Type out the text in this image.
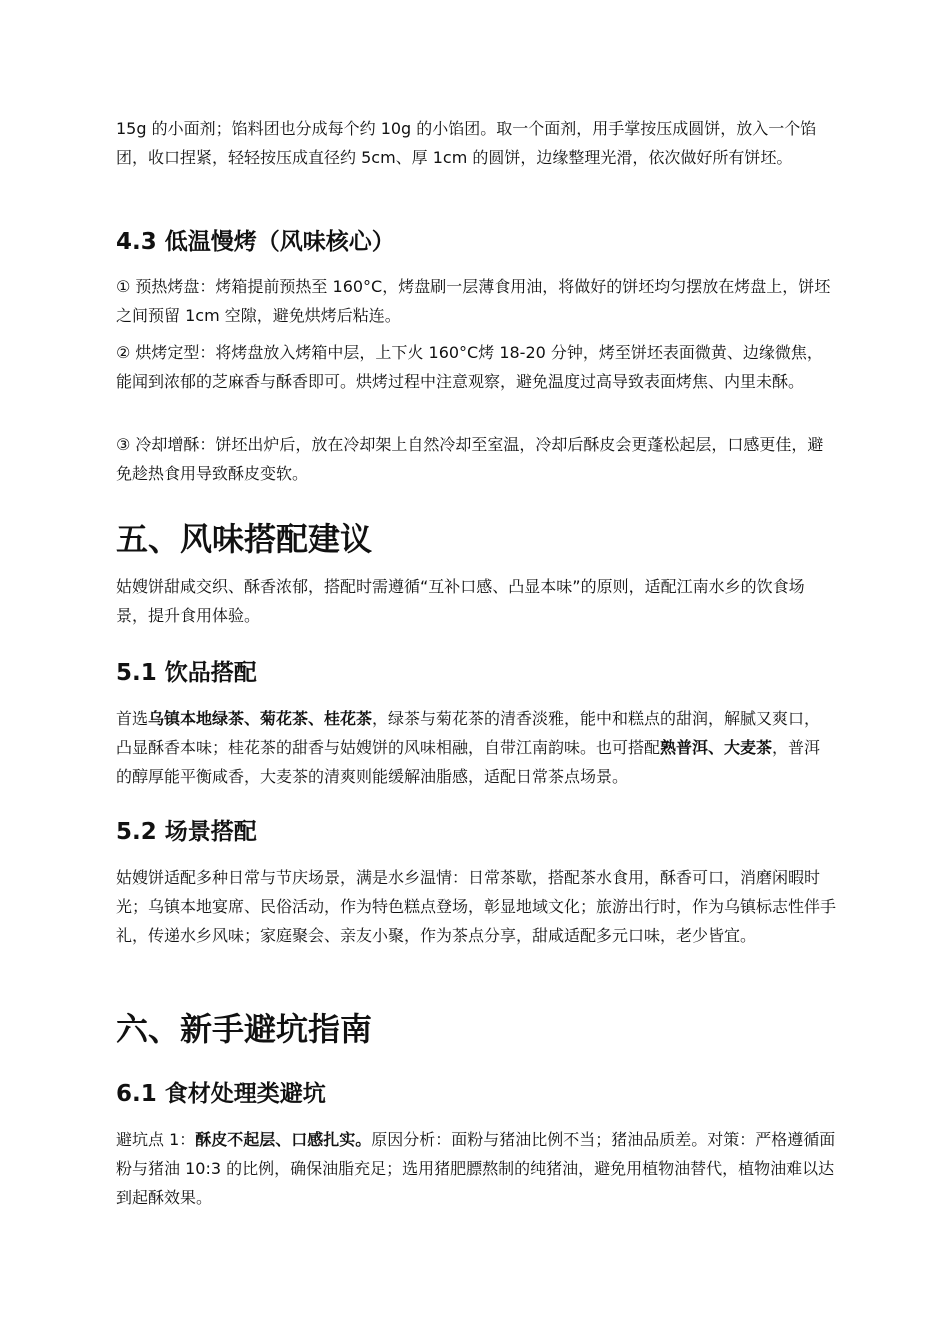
15g 的小面剂；馅料团也分成每个约 10g 的小馅团。取一个面剂，用手掌按压成圆饼，放入一个馅团，收口捏紧，轻轻按压成直径约 5cm、厚 1cm 的圆饼，边缘整理光滑，依次做好所有饼坯。

4.3 低温慢烤（风味核心）

① 预热烤盘：烤箱提前预热至 160°C，烤盘刷一层薄食用油，将做好的饼坯均匀摆放在烤盘上，饼坯之间预留 1cm 空隙，避免烘烤后粘连。

② 烘烤定型：将烤盘放入烤箱中层，上下火 160°C烤 18-20 分钟，烤至饼坯表面微黄、边缘微焦，能闻到浓郁的芝麻香与酥香即可。烘烤过程中注意观察，避免温度过高导致表面烤焦、内里未酥。

③ 冷却增酥：饼坯出炉后，放在冷却架上自然冷却至室温，冷却后酥皮会更蓬松起层，口感更佳，避免趁热食用导致酥皮变软。

五、风味搭配建议

姑嫂饼甜咸交织、酥香浓郁，搭配时需遵循“互补口感、凸显本味”的原则，适配江南水乡的饮食场景，提升食用体验。

5.1 饮品搭配

首选乌镇本地绿茶、菊花茶、桂花茶，绿茶与菊花茶的清香淡雅，能中和糕点的甜润，解腻又爽口，凸显酥香本味；桂花茶的甜香与姑嫂饼的风味相融，自带江南韵味。也可搭配熟普洱、大麦茶，普洱的醇厚能平衡咸香，大麦茶的清爽则能缓解油脂感，适配日常茶点场景。

5.2 场景搭配

姑嫂饼适配多种日常与节庆场景，满是水乡温情：日常茶歇，搭配茶水食用，酥香可口，消磨闲暇时光；乌镇本地宴席、民俗活动，作为特色糕点登场，彰显地域文化；旅游出行时，作为乌镇标志性伴手礼，传递水乡风味；家庭聚会、亲友小聚，作为茶点分享，甜咸适配多元口味，老少皆宜。

六、新手避坑指南
6.1 食材处理类避坑

避坑点 1：酥皮不起层、口感扎实。原因分析：面粉与猪油比例不当；猪油品质差。对策：严格遵循面粉与猪油 10:3 的比例，确保油脂充足；选用猪肥膘熬制的纯猪油，避免用植物油替代，植物油难以达到起酥效果。
